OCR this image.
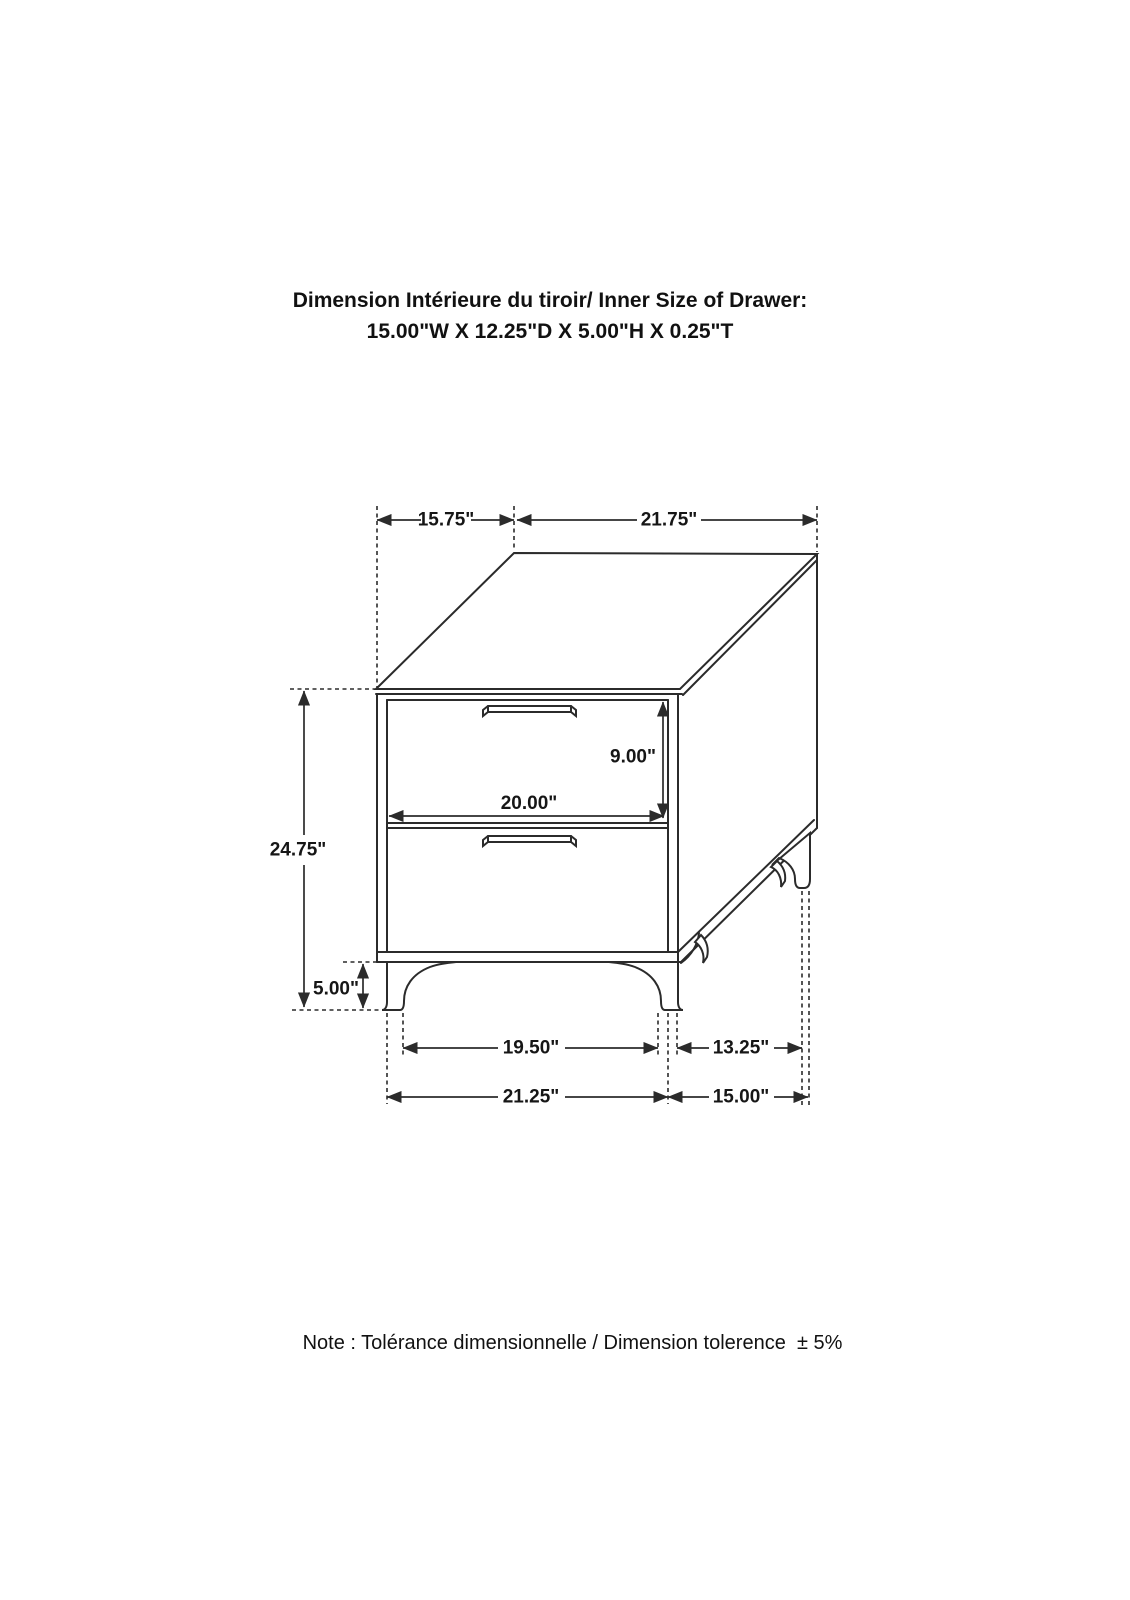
Dimension Intérieure du tiroir/ Inner Size of Drawer:
15.00"W X 12.25"D X 5.00"H X 0.25"T
15.75"	21.75"
9.00"
20.00"
24.75"
5.00"
19.50"	13.25"
21.25"	15.00"
Note : Tolérance dimensionnelle / Dimension tolerence  ± 5%
